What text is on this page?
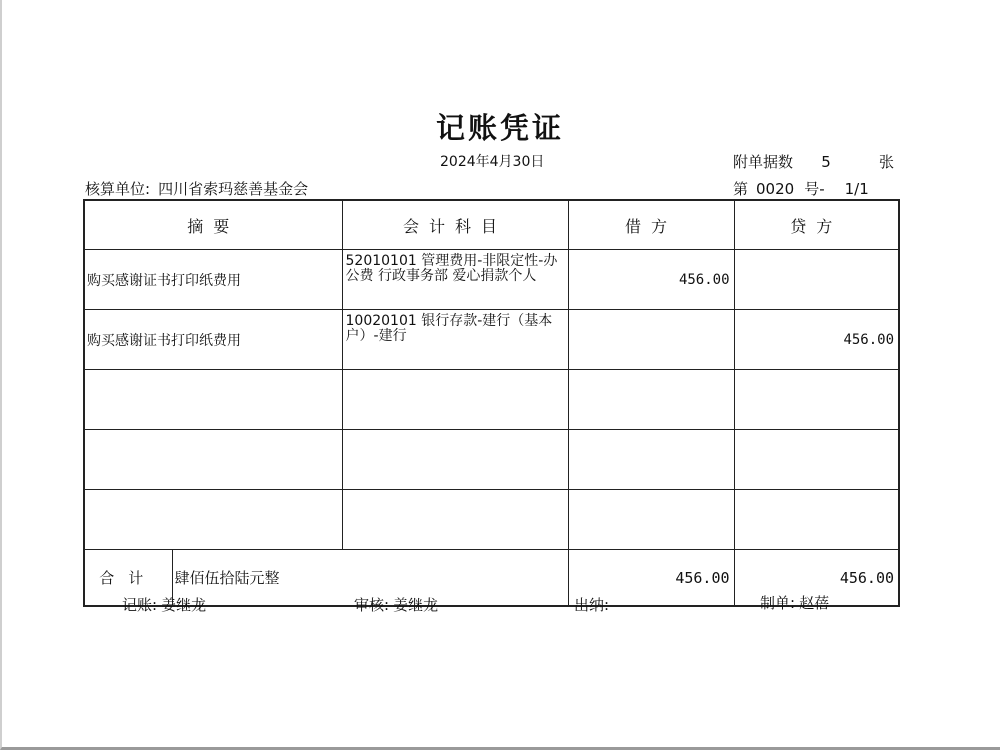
记账凭证
2024年4月30日	附单据数 5	张
核算单位: 四川省索玛慈善基金会	第 0020 号- 1/1
摘要		会计科目	借方	贷方
购买感谢证书打印纸费用		52010101 管理费用-非限定性-办公费 行政事务部 爱心捐款个人	456.00	
购买感谢证书打印纸费用		10020101 银行存款-建行（基本户）-建行		456.00

合计	肆佰伍拾陆元整		456.00	456.00
记账: 姜继龙	审核: 姜继龙	出纳:	制单: 赵蓓
